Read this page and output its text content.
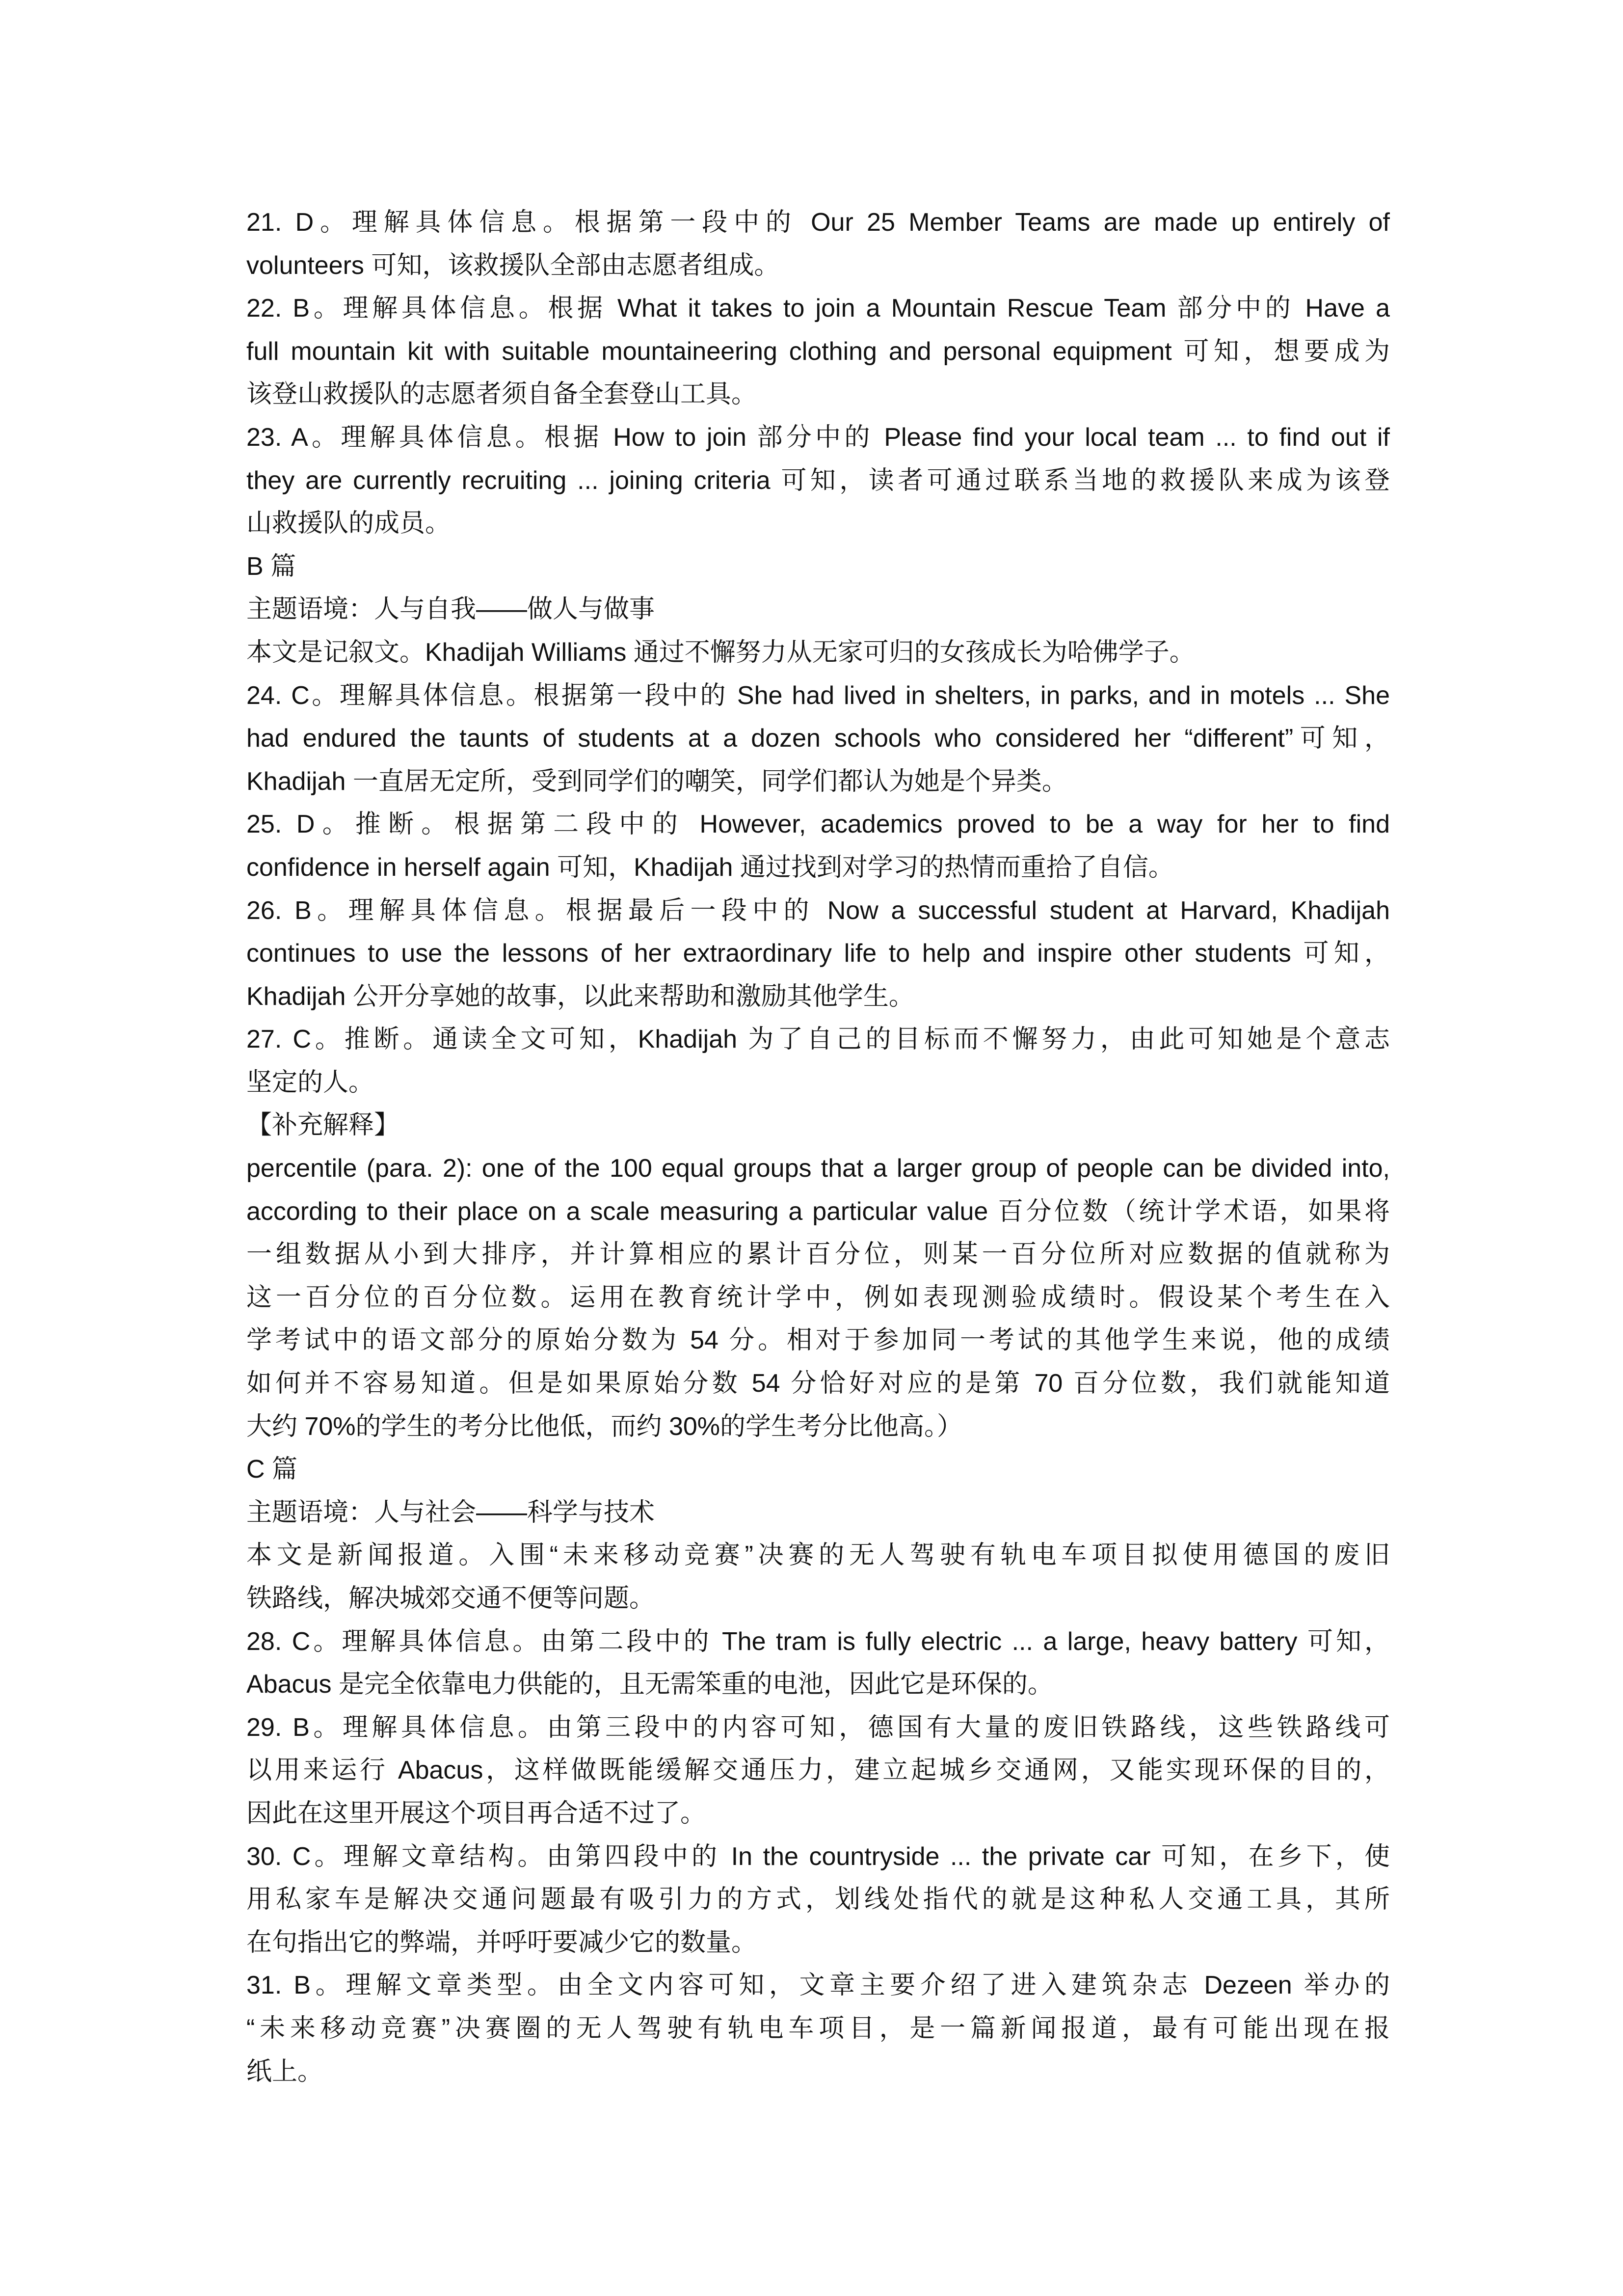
21. D。理解具体信息。根据第一段中的 Our 25 Member Teams are made up entirely of
volunteers 可知，该救援队全部由志愿者组成。
22. B。理解具体信息。根据 What it takes to join a Mountain Rescue Team 部分中的 Have a
full mountain kit with suitable mountaineering clothing and personal equipment 可知，想要成为
该登山救援队的志愿者须自备全套登山工具。
23. A。理解具体信息。根据 How to join 部分中的 Please find your local team ... to find out if
they are currently recruiting ... joining criteria 可知，读者可通过联系当地的救援队来成为该登
山救援队的成员。
B 篇
主题语境：人与自我——做人与做事
本文是记叙文。Khadijah Williams 通过不懈努力从无家可归的女孩成长为哈佛学子。
24. C。理解具体信息。根据第一段中的 She had lived in shelters, in parks, and in motels ... She
had endured the taunts of students at a dozen schools who considered her “different”可知，
Khadijah 一直居无定所，受到同学们的嘲笑，同学们都认为她是个异类。
25. D。推断。根据第二段中的 However, academics proved to be a way for her to find
confidence in herself again 可知，Khadijah 通过找到对学习的热情而重拾了自信。
26. B。理解具体信息。根据最后一段中的 Now a successful student at Harvard, Khadijah
continues to use the lessons of her extraordinary life to help and inspire other students 可知，
Khadijah 公开分享她的故事，以此来帮助和激励其他学生。
27. C。推断。通读全文可知，Khadijah 为了自己的目标而不懈努力，由此可知她是个意志
坚定的人。
【补充解释】
percentile (para. 2): one of the 100 equal groups that a larger group of people can be divided into,
according to their place on a scale measuring a particular value 百分位数（统计学术语，如果将
一组数据从小到大排序，并计算相应的累计百分位，则某一百分位所对应数据的值就称为
这一百分位的百分位数。运用在教育统计学中，例如表现测验成绩时。假设某个考生在入
学考试中的语文部分的原始分数为 54 分。相对于参加同一考试的其他学生来说，他的成绩
如何并不容易知道。但是如果原始分数 54 分恰好对应的是第 70 百分位数，我们就能知道
大约 70%的学生的考分比他低，而约 30%的学生考分比他高。）
C 篇
主题语境：人与社会——科学与技术
本文是新闻报道。入围“未来移动竞赛”决赛的无人驾驶有轨电车项目拟使用德国的废旧
铁路线，解决城郊交通不便等问题。
28. C。理解具体信息。由第二段中的 The tram is fully electric ... a large, heavy battery 可知，
Abacus 是完全依靠电力供能的，且无需笨重的电池，因此它是环保的。
29. B。理解具体信息。由第三段中的内容可知，德国有大量的废旧铁路线，这些铁路线可
以用来运行 Abacus，这样做既能缓解交通压力，建立起城乡交通网，又能实现环保的目的，
因此在这里开展这个项目再合适不过了。
30. C。理解文章结构。由第四段中的 In the countryside ... the private car 可知，在乡下，使
用私家车是解决交通问题最有吸引力的方式，划线处指代的就是这种私人交通工具，其所
在句指出它的弊端，并呼吁要减少它的数量。
31. B。理解文章类型。由全文内容可知，文章主要介绍了进入建筑杂志 Dezeen 举办的
“未来移动竞赛”决赛圈的无人驾驶有轨电车项目，是一篇新闻报道，最有可能出现在报
纸上。
